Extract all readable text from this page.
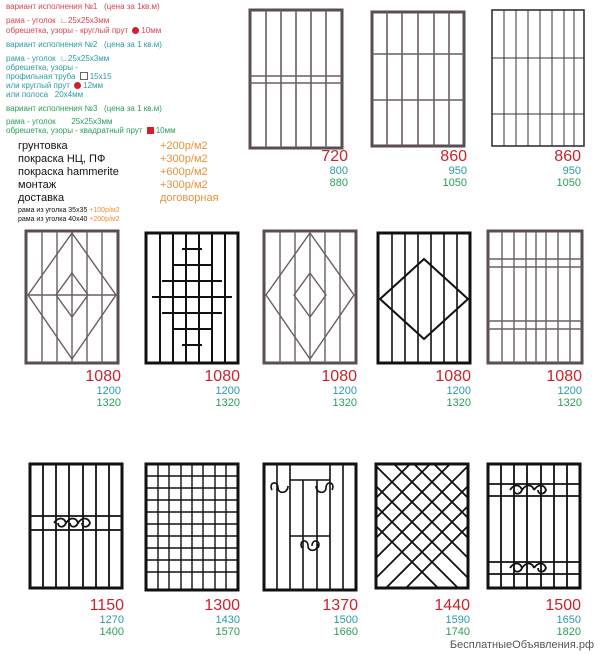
вариант исполнения №1 (цена за 1кв.м)
рама - уголок ∟25x25x3мм
обрешетка, узоры - круглый прут 10мм
вариант исполнения №2 (цена за 1 кв.м)
рама - уголок ∟25x25x3мм
обрешетка, узоры -
профильная труба 15x15
или круглый прут 12мм
или полоса 20x4мм
вариант исполнения №3 (цена за 1 кв.м)
рама - уголок 25x25x3мм
обрешетка, узоры - квадратный прут 10мм
грунтовка
покраска НЦ, ПФ
покраска hammerite
монтаж
доставка
+200р/м2
+300р/м2
+600р/м2
+300р/м2
договорная
рама из уголка 35x35 +100р/м2
рама из уголка 40x40 +200р/м2
720
800
880
860
950
1050
860
950
1050
1080
1200
1320
1080
1200
1320
1080
1200
1320
1080
1200
1320
1080
1200
1320
1150
1270
1400
1300
1430
1570
1370
1500
1660
1440
1590
1740
1500
1650
1820
БесплатныеОбъявления.рф
